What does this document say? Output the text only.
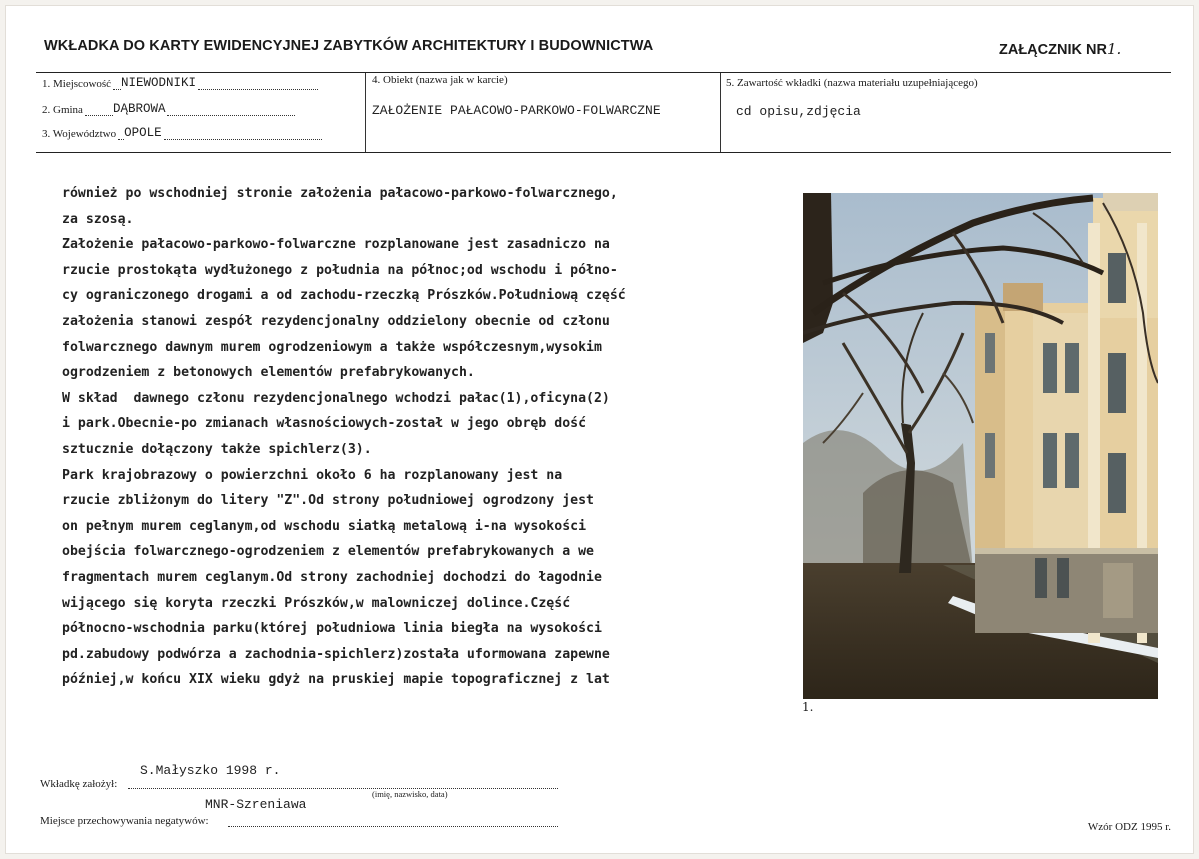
WKŁADKA DO KARTY EWIDENCYJNEJ ZABYTKÓW ARCHITEKTURY I BUDOWNICTWA	ZAŁĄCZNIK NR1.
1. Miejscowość NIEWODNIKI
2. Gmina DĄBROWA
3. Województwo OPOLE
4. Obiekt (nazwa jak w karcie)
ZAŁOŻENIE PAŁACOWO-PARKOWO-FOLWARCZNE
5. Zawartość wkładki (nazwa materiału uzupełniającego)
cd opisu,zdjęcia
również po wschodniej stronie założenia pałacowo-parkowo-folwarcznego,
za szosą.
Założenie pałacowo-parkowo-folwarczne rozplanowane jest zasadniczo na
rzucie prostokąta wydłużonego z południa na północ;od wschodu i półno-
cy ograniczonego drogami a od zachodu-rzeczką Prószków.Południową część
założenia stanowi zespół rezydencjonalny oddzielony obecnie od członu
folwarcznego dawnym murem ogrodzeniowym a także współczesnym,wysokim
ogrodzeniem z betonowych elementów prefabrykowanych.
W skład  dawnego członu rezydencjonalnego wchodzi pałac(1),oficyna(2)
i park.Obecnie-po zmianach własnościowych-został w jego obręb dość
sztucznie dołączony także spichlerz(3).
Park krajobrazowy o powierzchni około 6 ha rozplanowany jest na
rzucie zbliżonym do litery "Z".Od strony południowej ogrodzony jest
on pełnym murem ceglanym,od wschodu siatką metalową i-na wysokości
obejścia folwarcznego-ogrodzeniem z elementów prefabrykowanych a we
fragmentach murem ceglanym.Od strony zachodniej dochodzi do łagodnie
wijącego się koryta rzeczki Prószków,w malowniczej dolince.Część
północno-wschodnia parku(której południowa linia biegła na wysokości
pd.zabudowy podwórza a zachodnia-spichlerz)została uformowana zapewne
później,w końcu XIX wieku gdyż na pruskiej mapie topograficznej z lat
1.
S.Małyszko 1998 r.
Wkładkę założył:
(imię, nazwisko, data)
MNR-Szreniawa
Miejsce przechowywania negatywów:	Wzór ODZ 1995 r.
